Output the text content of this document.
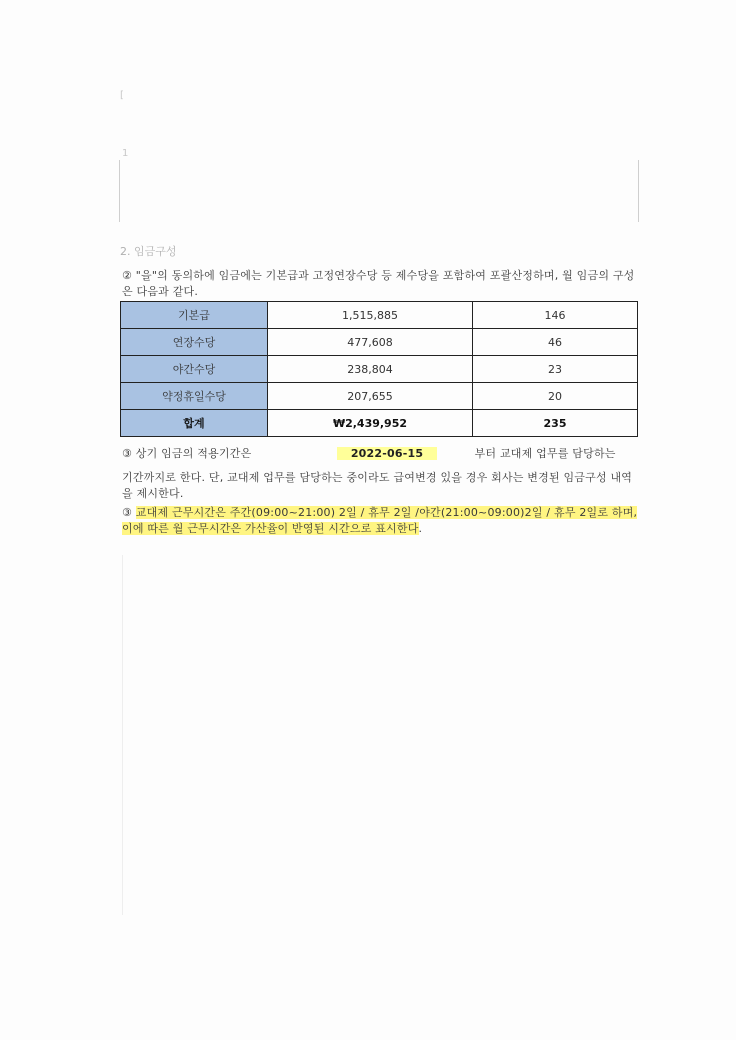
[
1
2. 임금구성
② "을"의 동의하에 임금에는 기본급과 고정연장수당 등 제수당을 포함하여 포괄산정하며, 월 임금의 구성은 다음과 같다.
기본급	1,515,885	146
연장수당	477,608	46
야간수당	238,804	23
약정휴일수당	207,655	20
합계	₩2,439,952	235
③ 상기 임금의 적용기간은	2022-06-15	부터 교대제 업무를 담당하는
기간까지로 한다. 단, 교대제 업무를 담당하는 중이라도 급여변경 있을 경우 회사는 변경된 임금구성 내역을 제시한다.
③ 교대제 근무시간은 주간(09:00~21:00) 2일 / 휴무 2일 /야간(21:00~09:00)2일 / 휴무 2일로 하며, 이에 따른 월 근무시간은 가산율이 반영된 시간으로 표시한다.
